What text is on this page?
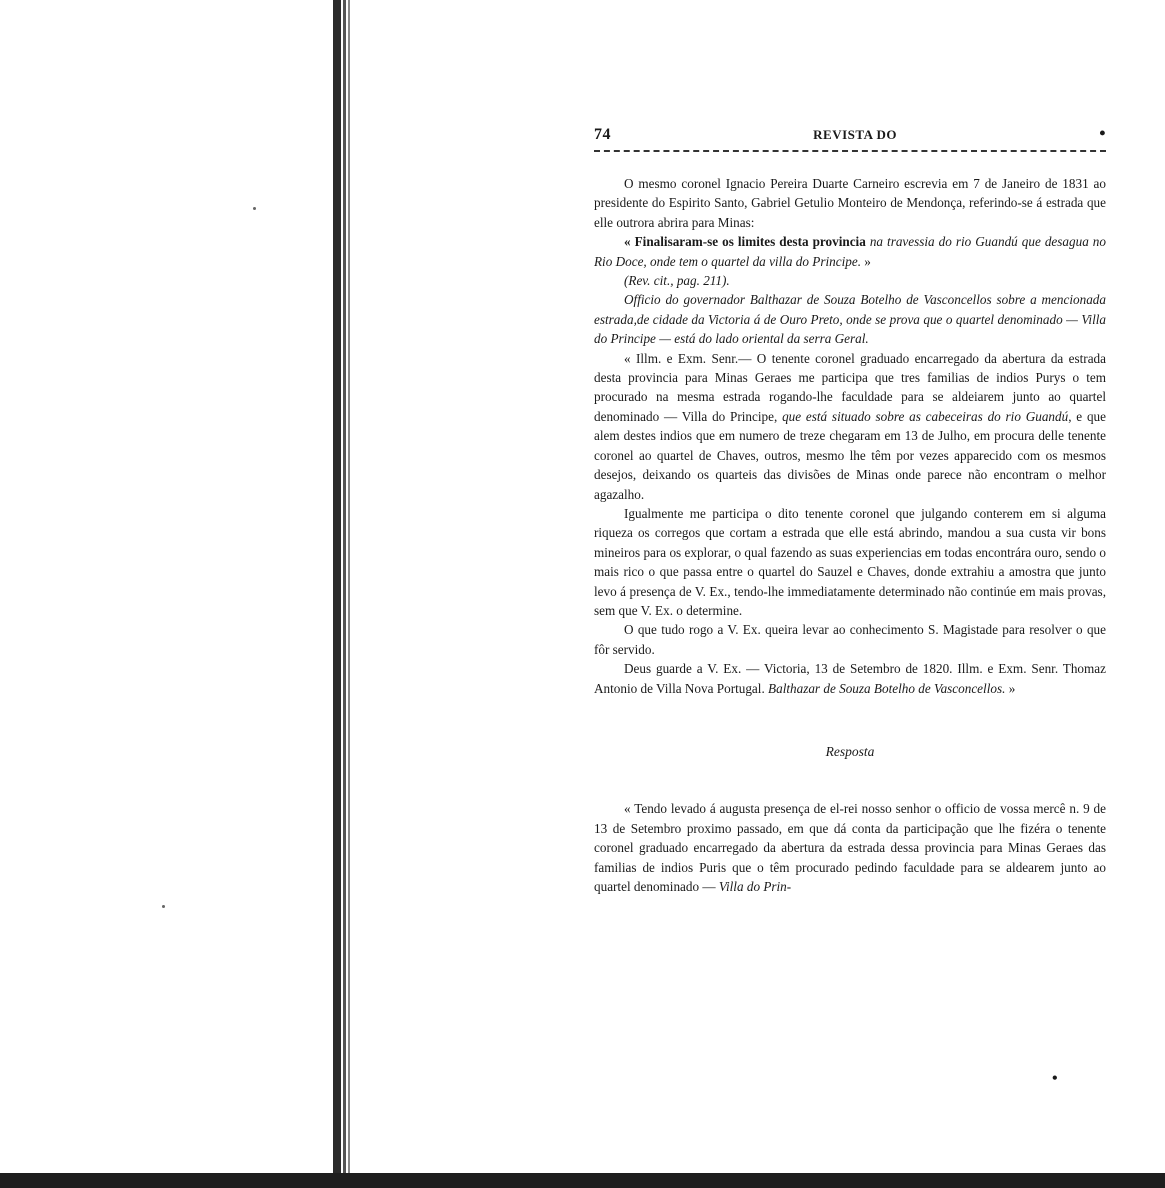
74	REVISTA DO	•

O mesmo coronel Ignacio Pereira Duarte Carneiro escrevia em 7 de Janeiro de 1831 ao presidente do Espirito Santo, Gabriel Getulio Monteiro de Mendonça, referindo-se á estrada que elle outrora abrira para Minas:

« Finalisaram-se os limites desta provincia na travessia do rio Guandú que desagua no Rio Doce, onde tem o quartel da villa do Principe. »

(Rev. cit., pag. 211).

Officio do governador Balthazar de Souza Botelho de Vasconcellos sobre a mencionada estrada,de cidade da Victoria á de Ouro Preto, onde se prova que o quartel denominado — Villa do Principe — está do lado oriental da serra Geral.

« Illm. e Exm. Senr.— O tenente coronel graduado encarregado da abertura da estrada desta provincia para Minas Geraes me participa que tres familias de indios Purys o tem procurado na mesma estrada rogando-lhe faculdade para se aldeiarem junto ao quartel denominado — Villa do Principe, que está situado sobre as cabeceiras do rio Guandú, e que alem destes indios que em numero de treze chegaram em 13 de Julho, em procura delle tenente coronel ao quartel de Chaves, outros, mesmo lhe têm por vezes apparecido com os mesmos desejos, deixando os quarteis das divisões de Minas onde parece não encontram o melhor agazalho.

Igualmente me participa o dito tenente coronel que julgando conterem em si alguma riqueza os corregos que cortam a estrada que elle está abrindo, mandou a sua custa vir bons mineiros para os explorar, o qual fazendo as suas experiencias em todas encontrára ouro, sendo o mais rico o que passa entre o quartel do Sauzel e Chaves, donde extrahiu a amostra que junto levo á presença de V. Ex., tendo-lhe immediatamente determinado não continúe em mais provas, sem que V. Ex. o determine.

O que tudo rogo a V. Ex. queira levar ao conhecimento S. Magistade para resolver o que fôr servido.

Deus guarde a V. Ex. — Victoria, 13 de Setembro de 1820. Illm. e Exm. Senr. Thomaz Antonio de Villa Nova Portugal. Balthazar de Souza Botelho de Vasconcellos. »

Resposta

« Tendo levado á augusta presença de el-rei nosso senhor o officio de vossa mercê n. 9 de 13 de Setembro proximo passado, em que dá conta da participação que lhe fizéra o tenente coronel graduado encarregado da abertura da estrada dessa provincia para Minas Geraes das familias de indios Puris que o têm procurado pedindo faculdade para se aldearem junto ao quartel denominado — Villa do Prin-

•
